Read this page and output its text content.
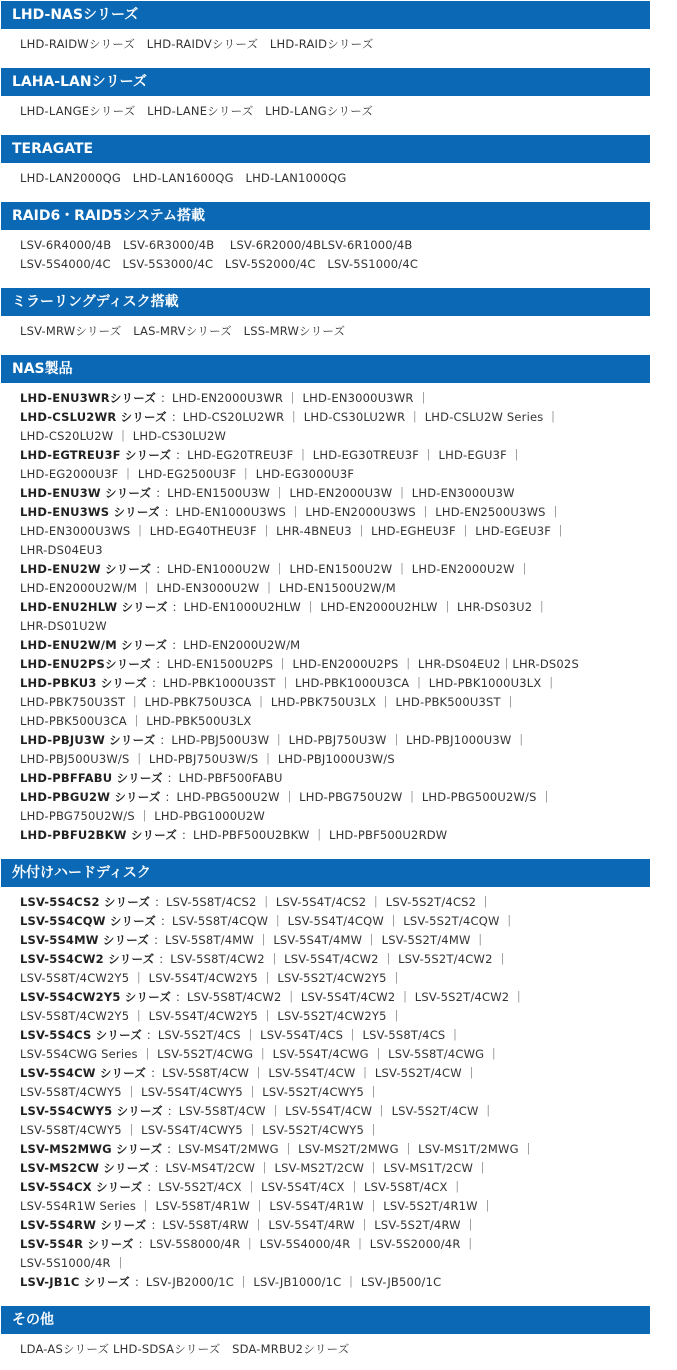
LHD-NASシリーズ
LHD-RAIDWシリーズ　LHD-RAIDVシリーズ　LHD-RAIDシリーズ
LAHA-LANシリーズ
LHD-LANGEシリーズ　LHD-LANEシリーズ　LHD-LANGシリーズ
TERAGATE
LHD-LAN2000QG　LHD-LAN1600QG　LHD-LAN1000QG
RAID6・RAID5システム搭載
LSV-6R4000/4B　LSV-6R3000/4B　 LSV-6R2000/4BLSV-6R1000/4B
LSV-5S4000/4C　LSV-5S3000/4C　LSV-5S2000/4C　LSV-5S1000/4C
ミラーリングディスク搭載
LSV-MRWシリーズ　LAS-MRVシリーズ　LSS-MRWシリーズ
NAS製品
LHD-ENU3WRシリーズ ：LHD-EN2000U3WR ｜ LHD-EN3000U3WR ｜
LHD-CSLU2WR シリーズ ：LHD-CS20LU2WR ｜ LHD-CS30LU2WR ｜ LHD-CSLU2W Series ｜
LHD-CS20LU2W ｜ LHD-CS30LU2W
LHD-EGTREU3F シリーズ ：LHD-EG20TREU3F ｜ LHD-EG30TREU3F ｜ LHD-EGU3F ｜
LHD-EG2000U3F ｜ LHD-EG2500U3F ｜ LHD-EG3000U3F
LHD-ENU3W シリーズ ：LHD-EN1500U3W ｜ LHD-EN2000U3W ｜ LHD-EN3000U3W
LHD-ENU3WS シリーズ ：LHD-EN1000U3WS ｜ LHD-EN2000U3WS ｜ LHD-EN2500U3WS ｜
LHD-EN3000U3WS ｜ LHD-EG40THEU3F ｜ LHR-4BNEU3 ｜ LHD-EGHEU3F ｜ LHD-EGEU3F ｜
LHR-DS04EU3
LHD-ENU2W シリーズ ：LHD-EN1000U2W ｜ LHD-EN1500U2W ｜ LHD-EN2000U2W ｜
LHD-EN2000U2W/M ｜ LHD-EN3000U2W ｜ LHD-EN1500U2W/M
LHD-ENU2HLW シリーズ ：LHD-EN1000U2HLW ｜ LHD-EN2000U2HLW ｜ LHR-DS03U2 ｜
LHR-DS01U2W
LHD-ENU2W/M シリーズ ：LHD-EN2000U2W/M
LHD-ENU2PSシリーズ ：LHD-EN1500U2PS ｜ LHD-EN2000U2PS ｜ LHR-DS04EU2｜LHR-DS02S
LHD-PBKU3 シリーズ ：LHD-PBK1000U3ST ｜ LHD-PBK1000U3CA ｜ LHD-PBK1000U3LX ｜
LHD-PBK750U3ST ｜ LHD-PBK750U3CA ｜ LHD-PBK750U3LX ｜ LHD-PBK500U3ST ｜
LHD-PBK500U3CA ｜ LHD-PBK500U3LX
LHD-PBJU3W シリーズ ：LHD-PBJ500U3W ｜ LHD-PBJ750U3W ｜ LHD-PBJ1000U3W ｜
LHD-PBJ500U3W/S ｜ LHD-PBJ750U3W/S ｜ LHD-PBJ1000U3W/S
LHD-PBFFABU シリーズ ：LHD-PBF500FABU
LHD-PBGU2W シリーズ ：LHD-PBG500U2W ｜ LHD-PBG750U2W ｜ LHD-PBG500U2W/S ｜
LHD-PBG750U2W/S ｜ LHD-PBG1000U2W
LHD-PBFU2BKW シリーズ ：LHD-PBF500U2BKW ｜ LHD-PBF500U2RDW
外付けハードディスク
LSV-5S4CS2 シリーズ ：LSV-5S8T/4CS2 ｜ LSV-5S4T/4CS2 ｜ LSV-5S2T/4CS2 ｜
LSV-5S4CQW シリーズ ：LSV-5S8T/4CQW ｜ LSV-5S4T/4CQW ｜ LSV-5S2T/4CQW ｜
LSV-5S4MW シリーズ ：LSV-5S8T/4MW ｜ LSV-5S4T/4MW ｜ LSV-5S2T/4MW ｜
LSV-5S4CW2 シリーズ ：LSV-5S8T/4CW2 ｜ LSV-5S4T/4CW2 ｜ LSV-5S2T/4CW2 ｜
LSV-5S8T/4CW2Y5 ｜ LSV-5S4T/4CW2Y5 ｜ LSV-5S2T/4CW2Y5 ｜
LSV-5S4CW2Y5 シリーズ ：LSV-5S8T/4CW2 ｜ LSV-5S4T/4CW2 ｜ LSV-5S2T/4CW2 ｜
LSV-5S8T/4CW2Y5 ｜ LSV-5S4T/4CW2Y5 ｜ LSV-5S2T/4CW2Y5 ｜
LSV-5S4CS シリーズ ：LSV-5S2T/4CS ｜ LSV-5S4T/4CS ｜ LSV-5S8T/4CS ｜
LSV-5S4CWG Series ｜ LSV-5S2T/4CWG ｜ LSV-5S4T/4CWG ｜ LSV-5S8T/4CWG ｜
LSV-5S4CW シリーズ ：LSV-5S8T/4CW ｜ LSV-5S4T/4CW ｜ LSV-5S2T/4CW ｜
LSV-5S8T/4CWY5 ｜ LSV-5S4T/4CWY5 ｜ LSV-5S2T/4CWY5 ｜
LSV-5S4CWY5 シリーズ ：LSV-5S8T/4CW ｜ LSV-5S4T/4CW ｜ LSV-5S2T/4CW ｜
LSV-5S8T/4CWY5 ｜ LSV-5S4T/4CWY5 ｜ LSV-5S2T/4CWY5 ｜
LSV-MS2MWG シリーズ ：LSV-MS4T/2MWG ｜ LSV-MS2T/2MWG ｜ LSV-MS1T/2MWG ｜
LSV-MS2CW シリーズ ：LSV-MS4T/2CW ｜ LSV-MS2T/2CW ｜ LSV-MS1T/2CW ｜
LSV-5S4CX シリーズ ：LSV-5S2T/4CX ｜ LSV-5S4T/4CX ｜ LSV-5S8T/4CX ｜
LSV-5S4R1W Series ｜ LSV-5S8T/4R1W ｜ LSV-5S4T/4R1W ｜ LSV-5S2T/4R1W ｜
LSV-5S4RW シリーズ ：LSV-5S8T/4RW ｜ LSV-5S4T/4RW ｜ LSV-5S2T/4RW ｜
LSV-5S4R シリーズ ：LSV-5S8000/4R ｜ LSV-5S4000/4R ｜ LSV-5S2000/4R ｜
LSV-5S1000/4R ｜
LSV-JB1C シリーズ ：LSV-JB2000/1C ｜ LSV-JB1000/1C ｜ LSV-JB500/1C
その他
LDA-ASシリーズ LHD-SDSAシリーズ　SDA-MRBU2シリーズ
